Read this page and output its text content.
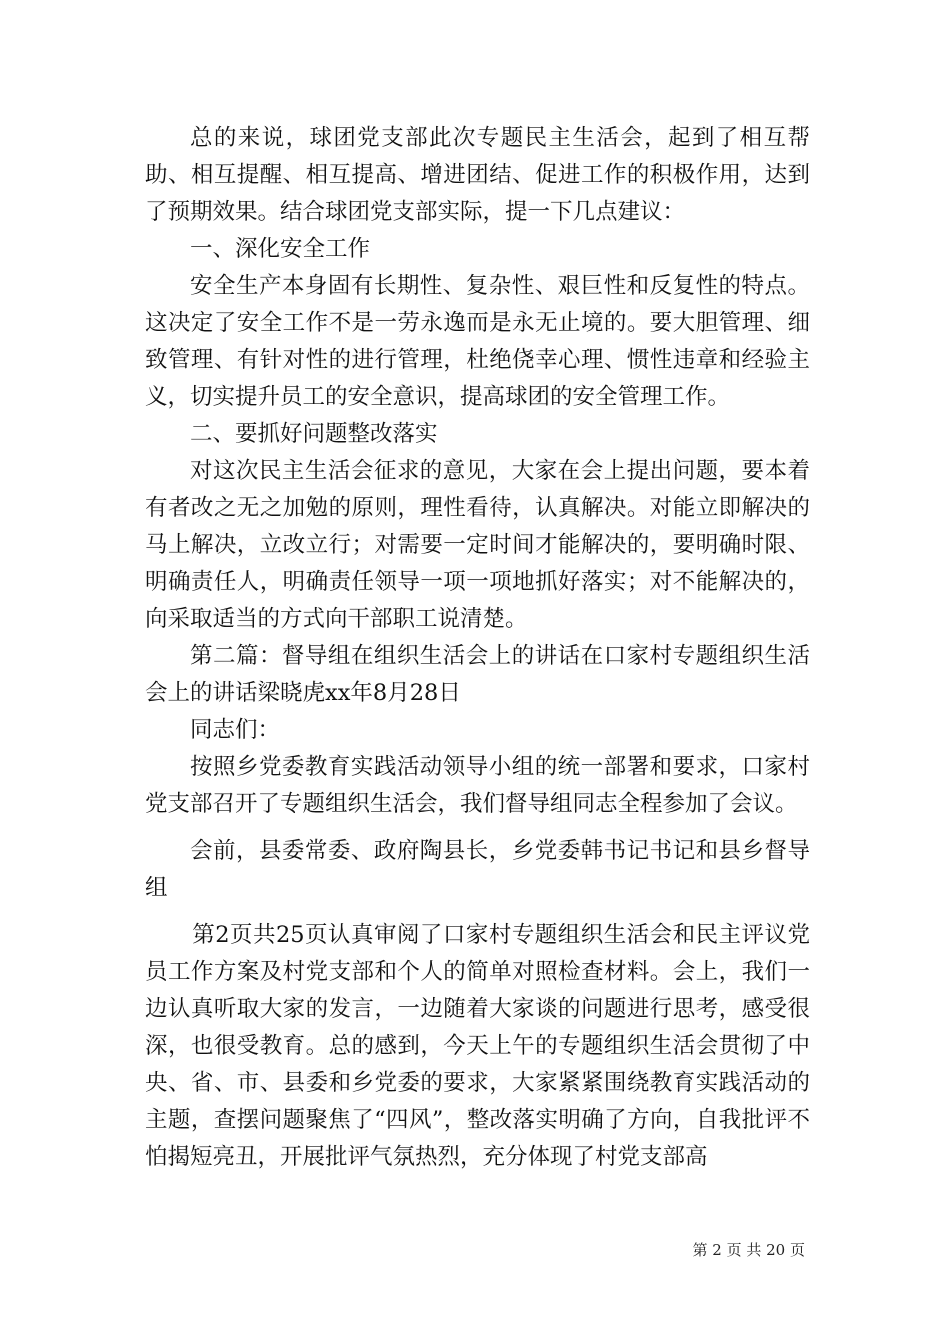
总的来说，球团党支部此次专题民主生活会，起到了相互帮助、相互提醒、相互提高、增进团结、促进工作的积极作用，达到了预期效果。结合球团党支部实际，提一下几点建议：

一、深化安全工作

安全生产本身固有长期性、复杂性、艰巨性和反复性的特点。这决定了安全工作不是一劳永逸而是永无止境的。要大胆管理、细致管理、有针对性的进行管理，杜绝侥幸心理、惯性违章和经验主义，切实提升员工的安全意识，提高球团的安全管理工作。

二、要抓好问题整改落实

对这次民主生活会征求的意见，大家在会上提出问题，要本着有者改之无之加勉的原则，理性看待，认真解决。对能立即解决的马上解决，立改立行；对需要一定时间才能解决的，要明确时限、明确责任人，明确责任领导一项一项地抓好落实；对不能解决的，向采取适当的方式向干部职工说清楚。

第二篇：督导组在组织生活会上的讲话在口家村专题组织生活会上的讲话梁晓虎xx年8月28日

同志们：

按照乡党委教育实践活动领导小组的统一部署和要求，口家村党支部召开了专题组织生活会，我们督导组同志全程参加了会议。

会前，县委常委、政府陶县长，乡党委韩书记书记和县乡督导组

第2页共25页认真审阅了口家村专题组织生活会和民主评议党员工作方案及村党支部和个人的简单对照检查材料。会上，我们一边认真听取大家的发言，一边随着大家谈的问题进行思考，感受很深，也很受教育。总的感到，今天上午的专题组织生活会贯彻了中央、省、市、县委和乡党委的要求，大家紧紧围绕教育实践活动的主题，查摆问题聚焦了“四风”，整改落实明确了方向，自我批评不怕揭短亮丑，开展批评气氛热烈，充分体现了村党支部高

第 2 页 共 20 页
